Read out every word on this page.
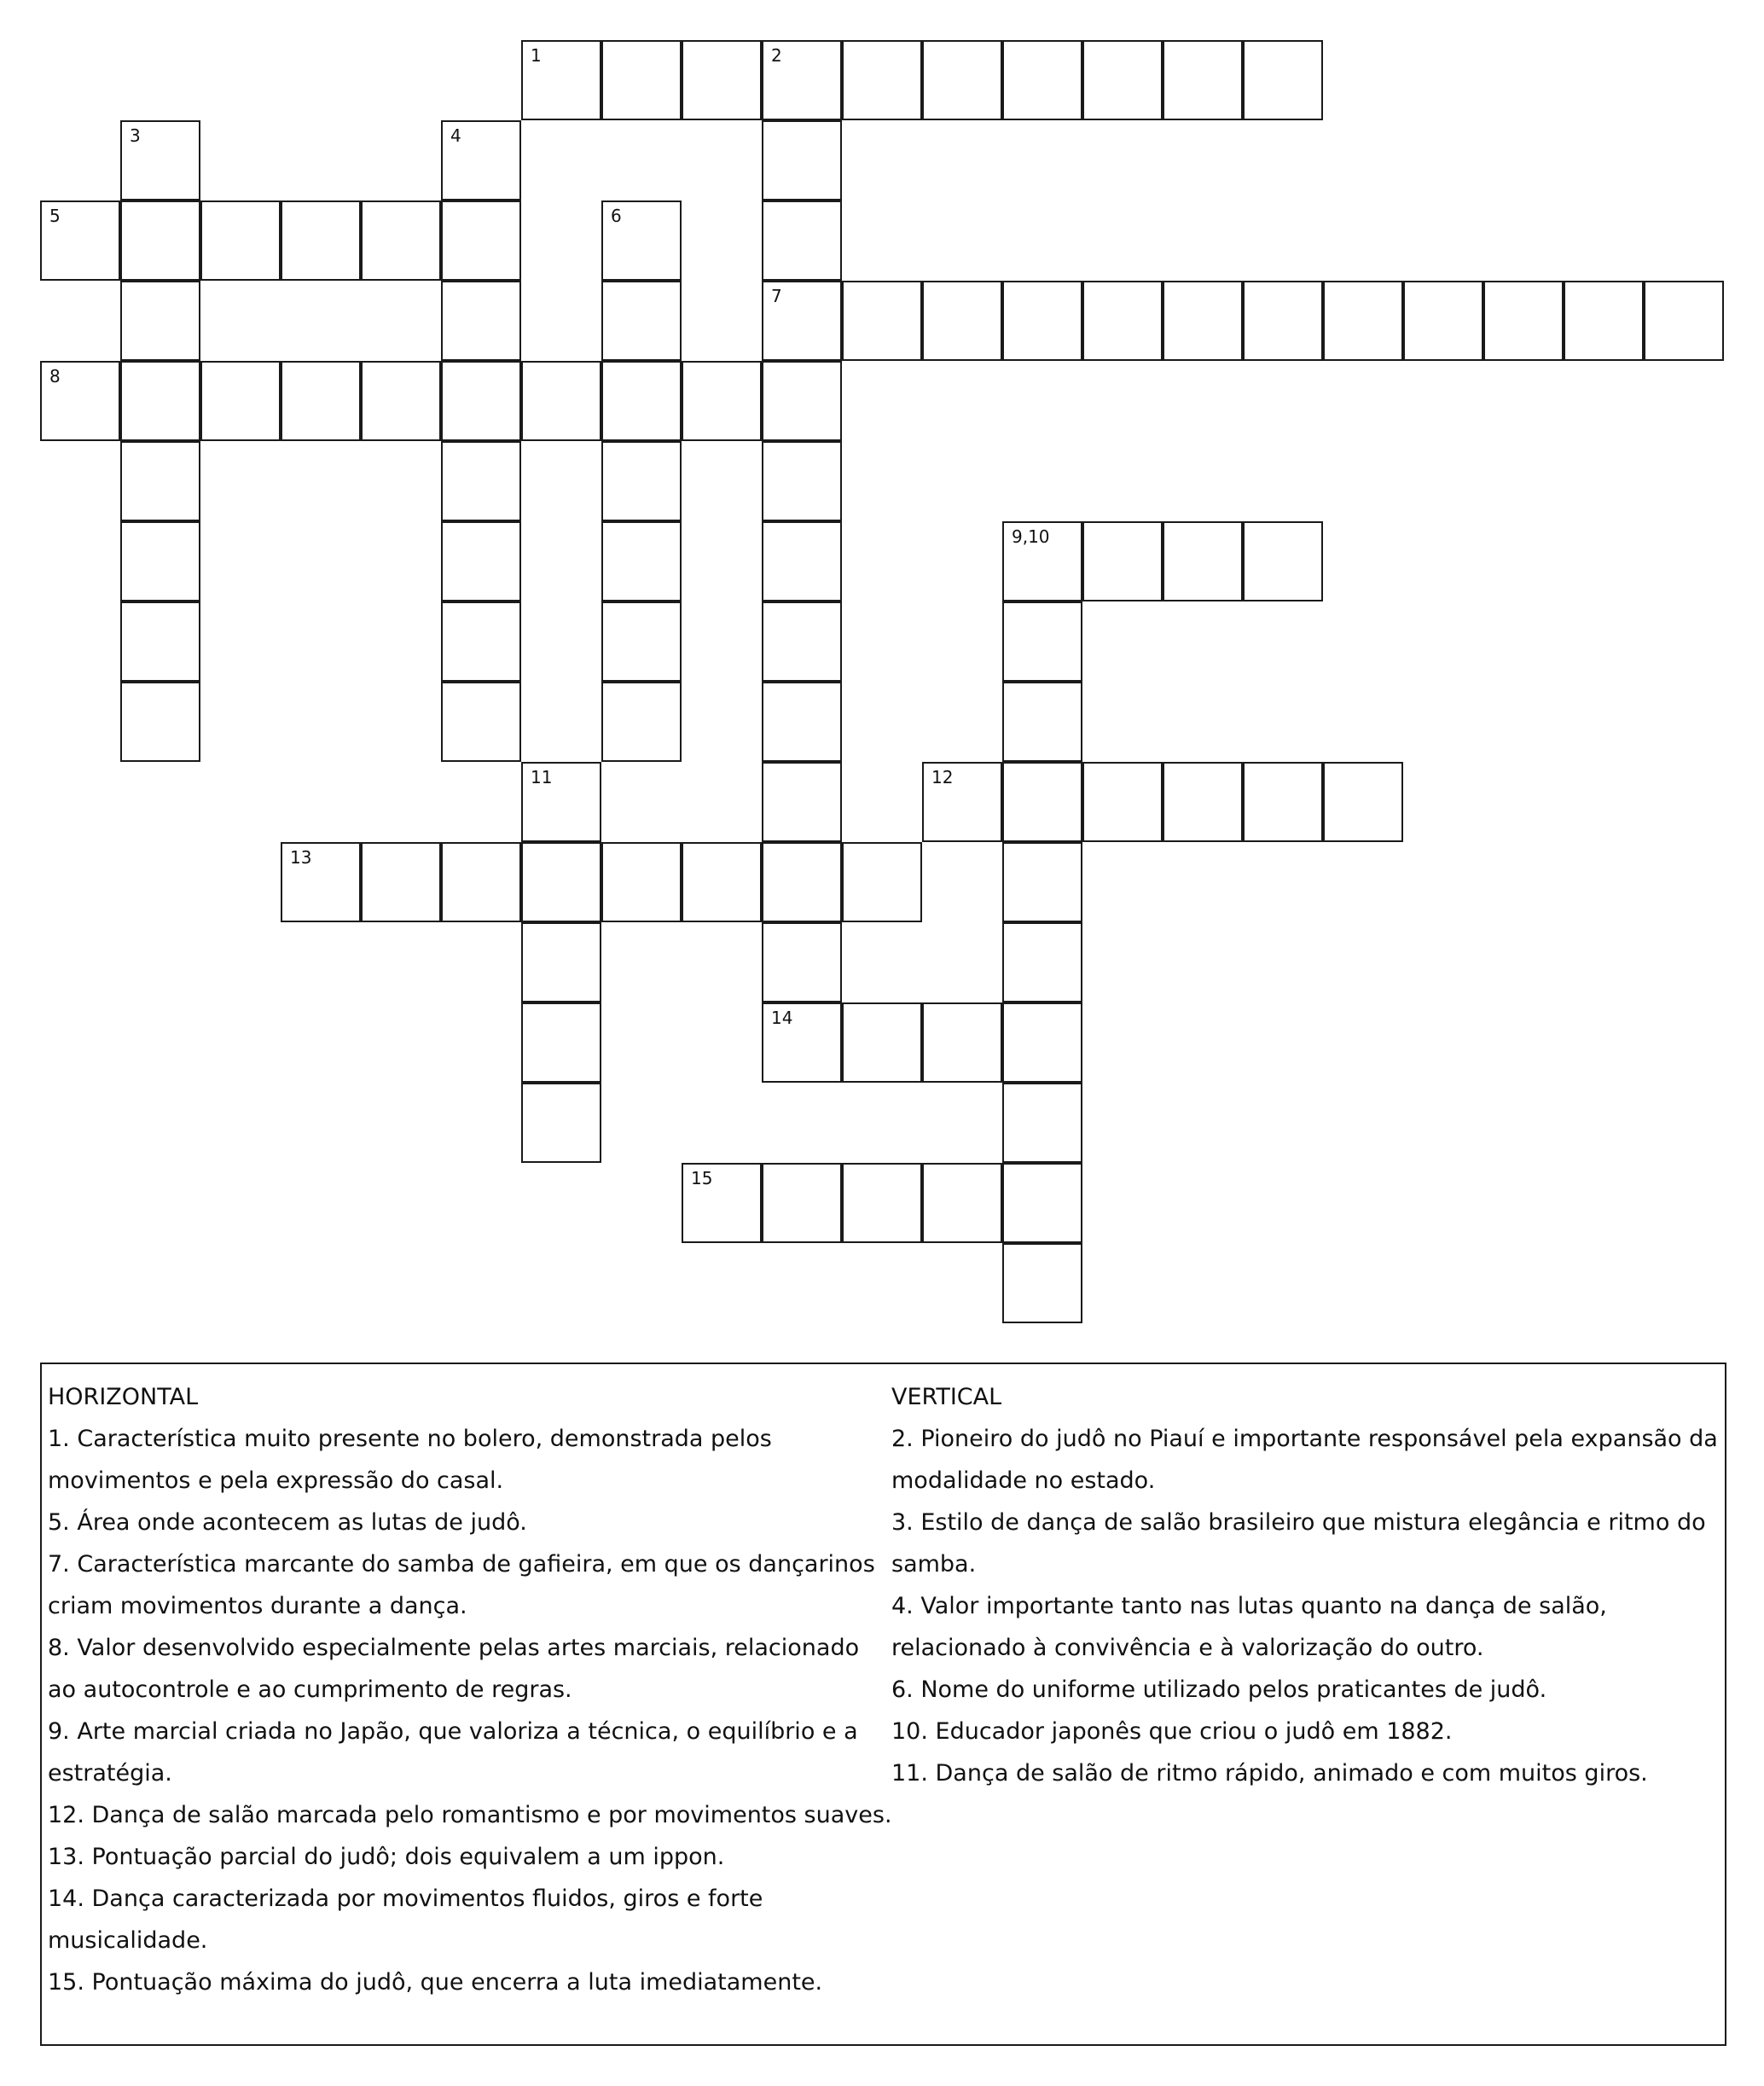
1	2
3	4
5	6
7
8
9,10
11	12
13
14
15
HORIZONTAL
1. Característica muito presente no bolero, demonstrada pelos
movimentos e pela expressão do casal.
5. Área onde acontecem as lutas de judô.
7. Característica marcante do samba de gafieira, em que os dançarinos
criam movimentos durante a dança.
8. Valor desenvolvido especialmente pelas artes marciais, relacionado
ao autocontrole e ao cumprimento de regras.
9. Arte marcial criada no Japão, que valoriza a técnica, o equilíbrio e a
estratégia.
12. Dança de salão marcada pelo romantismo e por movimentos suaves.
13. Pontuação parcial do judô; dois equivalem a um ippon.
14. Dança caracterizada por movimentos fluidos, giros e forte
musicalidade.
15. Pontuação máxima do judô, que encerra a luta imediatamente.
VERTICAL
2. Pioneiro do judô no Piauí e importante responsável pela expansão da
modalidade no estado.
3. Estilo de dança de salão brasileiro que mistura elegância e ritmo do
samba.
4. Valor importante tanto nas lutas quanto na dança de salão,
relacionado à convivência e à valorização do outro.
6. Nome do uniforme utilizado pelos praticantes de judô.
10. Educador japonês que criou o judô em 1882.
11. Dança de salão de ritmo rápido, animado e com muitos giros.
